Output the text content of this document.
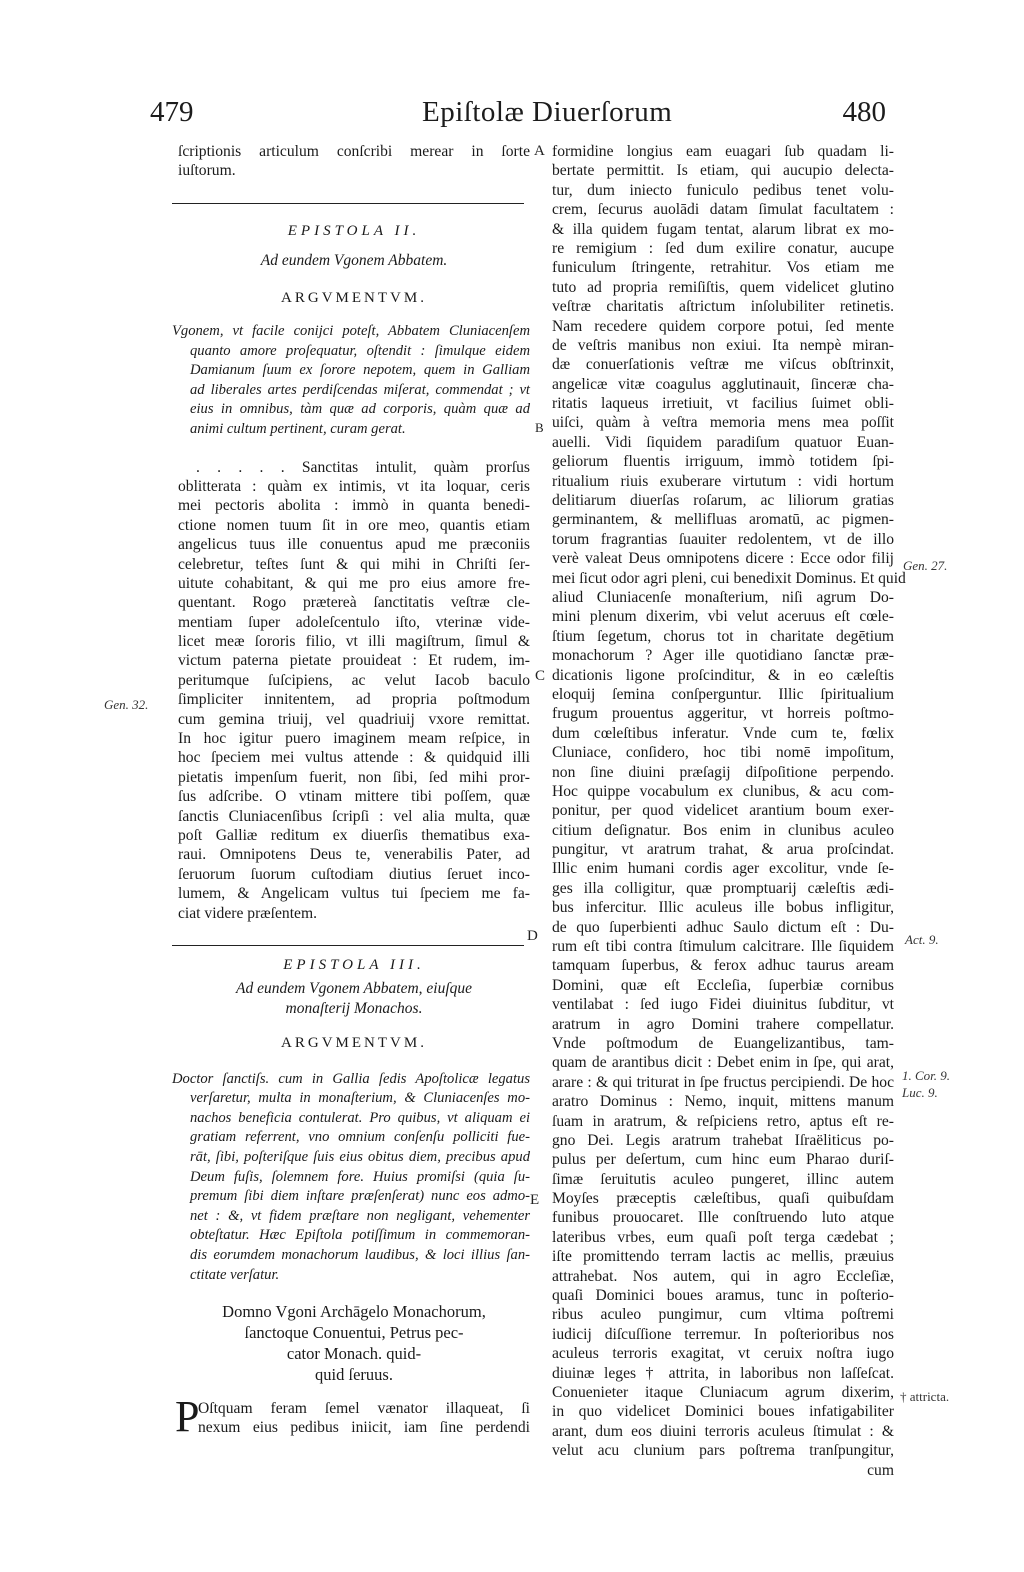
479	Epiſtolæ Diuerſorum	480
ſcriptionis articulum conſcribi merear in ſorte
iuſtorum.
EPISTOLA II.
Ad eundem Vgonem Abbatem.
ARGVMENTVM.
Vgonem, vt facile conijci poteſt, Abbatem Cluniacenſem
quanto amore proſequatur, oſtendit : ſimulque eidem
Damianum ſuum ex ſorore nepotem, quem in Galliam
ad liberales artes perdiſcendas miſerat, commendat ; vt
eius in omnibus, tàm quæ ad corporis, quàm quæ ad
animi cultum pertinent, curam gerat.
. . . . . Sanctitas intulit, quàm prorſus
oblitterata : quàm ex intimis, vt ita loquar, ceris
mei pectoris abolita : immò in quanta benedi-
ctione nomen tuum ſit in ore meo, quantis etiam
angelicus tuus ille conuentus apud me præconiis
celebretur, teſtes ſunt & qui mihi in Chriſti ſer-
uitute cohabitant, & qui me pro eius amore fre-
quentant. Rogo prætereà ſanctitatis veſtræ cle-
mentiam ſuper adoleſcentulo iſto, vterinæ vide-
licet meæ ſororis filio, vt illi magiſtrum, ſimul &
victum paterna pietate prouideat : Et rudem, im-
peritumque ſuſcipiens, ac velut Iacob baculo
ſimpliciter innitentem, ad propria poſtmodum
cum gemina triuij, vel quadriuij vxore remittat.
In hoc igitur puero imaginem meam reſpice, in
hoc ſpeciem mei vultus attende : & quidquid illi
pietatis impenſum fuerit, non ſibi, ſed mihi pror-
ſus adſcribe. O vtinam mittere tibi poſſem, quæ
ſanctis Cluniacenſibus ſcripſi : vel alia multa, quæ
poſt Galliæ reditum ex diuerſis thematibus exa-
raui. Omnipotens Deus te, venerabilis Pater, ad
ſeruorum ſuorum cuſtodiam diutius ſeruet inco-
lumem, & Angelicam vultus tui ſpeciem me fa-
ciat videre præſentem.
EPISTOLA III.
Ad eundem Vgonem Abbatem, eiuſque
monaſterij Monachos.
ARGVMENTVM.
Doctor ſanctiſs. cum in Gallia ſedis Apoſtolicæ legatus
verſaretur, multa in monaſterium, & Cluniacenſes mo-
nachos beneficia contulerat. Pro quibus, vt aliquam ei
gratiam referrent, vno omnium conſenſu polliciti fue-
rāt, ſibi, poſteriſque ſuis eius obitus diem, precibus apud
Deum fuſis, ſolemnem fore. Huius promiſsi (quia ſu-
premum ſibi diem inſtare præſenſerat) nunc eos admo-
net : &, vt fidem præſtare non negligant, vehementer
obteſtatur. Hæc Epiſtola potiſſimum in commemoran-
dis eorumdem monachorum laudibus, & loci illius ſan-
ctitate verſatur.
Domno Vgoni Archāgelo Monachorum,
ſanctoque Conuentui, Petrus pec-
cator Monach. quid-
quid ſeruus.
P
Oſtquam feram ſemel vænator illaqueat, ſi
nexum eius pedibus iniicit, iam ſine perdendi
formidine longius eam euagari ſub quadam li-
bertate permittit. Is etiam, qui aucupio delecta-
tur, dum iniecto funiculo pedibus tenet volu-
crem, ſecurus auolādi datam ſimulat facultatem :
& illa quidem fugam tentat, alarum librat ex mo-
re remigium : ſed dum exilire conatur, aucupe
funiculum ſtringente, retrahitur. Vos etiam me
tuto ad propria remiſiſtis, quem videlicet glutino
veſtræ charitatis aſtrictum inſolubiliter retinetis.
Nam recedere quidem corpore potui, ſed mente
de veſtris manibus non exiui. Ita nempè miran-
dæ conuerſationis veſtræ me viſcus obſtrinxit,
angelicæ vitæ coagulus agglutinauit, ſinceræ cha-
ritatis laqueus irretiuit, vt facilius ſuimet obli-
uiſci, quàm à veſtra memoria mens mea poſſit
auelli. Vidi ſiquidem paradiſum quatuor Euan-
geliorum fluentis irriguum, immò totidem ſpi-
ritualium riuis exuberare virtutum : vidi hortum
delitiarum diuerſas roſarum, ac liliorum gratias
germinantem, & mellifluas aromatū, ac pigmen-
torum fragrantias ſuauiter redolentem, vt de illo
verè valeat Deus omnipotens dicere : Ecce odor filij
mei ſicut odor agri pleni, cui benedixit Dominus. Et quid
aliud Cluniacenſe monaſterium, niſi agrum Do-
mini plenum dixerim, vbi velut aceruus eſt cœle-
ſtium ſegetum, chorus tot in charitate degētium
monachorum ? Ager ille quotidiano ſanctæ præ-
dicationis ligone proſcinditur, & in eo cæleſtis
eloquij ſemina conſperguntur. Illic ſpiritualium
frugum prouentus aggeritur, vt horreis poſtmo-
dum cœleſtibus inferatur. Vnde cum te, fœlix
Cluniace, conſidero, hoc tibi nomē impoſitum,
non ſine diuini præſagij diſpoſitione perpendo.
Hoc quippe vocabulum ex clunibus, & acu com-
ponitur, per quod videlicet arantium boum exer-
citium deſignatur. Bos enim in clunibus aculeo
pungitur, vt aratrum trahat, & arua proſcindat.
Illic enim humani cordis ager excolitur, vnde ſe-
ges illa colligitur, quæ promptuarij cæleſtis ædi-
bus infercitur. Illic aculeus ille bobus infligitur,
de quo ſuperbienti adhuc Saulo dictum eſt : Du-
rum eſt tibi contra ſtimulum calcitrare. Ille ſiquidem
tamquam ſuperbus, & ferox adhuc taurus aream
Domini, quæ eſt Eccleſia, ſuperbiæ cornibus
ventilabat : ſed iugo Fidei diuinitus ſubditur, vt
aratrum in agro Domini trahere compellatur.
Vnde poſtmodum de Euangelizantibus, tam-
quam de arantibus dicit : Debet enim in ſpe, qui arat,
arare : & qui triturat in ſpe fructus percipiendi. De hoc
aratro Dominus : Nemo, inquit, mittens manum
ſuam in aratrum, & reſpiciens retro, aptus eſt re-
gno Dei. Legis aratrum trahebat Iſraëliticus po-
pulus per deſertum, cum hinc eum Pharao duriſ-
ſimæ ſeruitutis aculeo pungeret, illinc autem
Moyſes præceptis cæleſtibus, quaſi quibuſdam
funibus prouocaret. Ille conſtruendo luto atque
lateribus vrbes, eum quaſi poſt terga cædebat ;
iſte promittendo terram lactis ac mellis, præuius
attrahebat. Nos autem, qui in agro Eccleſiæ,
quaſi Dominici boues aramus, tunc in poſterio-
ribus aculeo pungimur, cum vltima poſtremi
iudicij diſcuſſione terremur. In poſterioribus nos
aculeus terroris exagitat, vt ceruix noſtra iugo
diuinæ leges † attrita, in laboribus non laſſeſcat.
Conuenieter itaque Cluniacum agrum dixerim,
in quo videlicet Dominici boues infatigabiliter
arant, dum eos diuini terroris aculeus ſtimulat : &
velut acu clunium pars poſtrema tranſpungitur,
cum
A
B
C
D
E
Gen. 32.
Gen. 27.
Act. 9.
1. Cor. 9.
Luc. 9.
† attricta.
